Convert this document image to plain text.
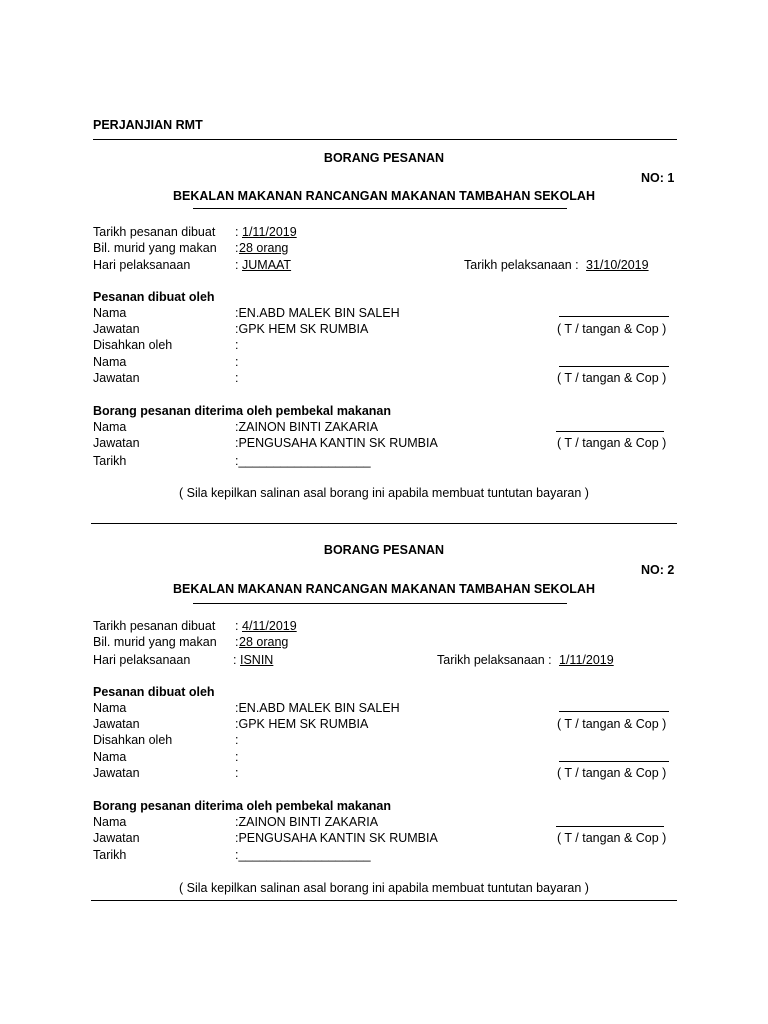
PERJANJIAN RMT
BORANG PESANAN
NO: 1
BEKALAN MAKANAN RANCANGAN MAKANAN TAMBAHAN SEKOLAH
Tarikh pesanan dibuat : 1/11/2019
Bil. murid yang makan : 28 orang
Hari pelaksanaan	: JUMAAT	Tarikh pelaksanaan : 31/10/2019
Pesanan dibuat oleh
Nama	:EN.ABD MALEK BIN SALEH
Jawatan	:GPK HEM SK RUMBIA	( T / tangan & Cop )
Disahkan oleh	:
Nama	:
Jawatan	:	( T / tangan & Cop )
Borang pesanan diterima oleh pembekal makanan
Nama	:ZAINON BINTI ZAKARIA
Jawatan	:PENGUSAHA KANTIN SK RUMBIA	( T / tangan & Cop )
Tarikh	:___________________
( Sila kepilkan salinan asal borang ini apabila membuat tuntutan bayaran )
BORANG PESANAN
NO: 2
BEKALAN MAKANAN RANCANGAN MAKANAN TAMBAHAN SEKOLAH
Tarikh pesanan dibuat : 4/11/2019
Bil. murid yang makan : 28 orang
Hari pelaksanaan	: ISNIN	Tarikh pelaksanaan : 1/11/2019
Pesanan dibuat oleh
Nama	:EN.ABD MALEK BIN SALEH
Jawatan	:GPK HEM SK RUMBIA	( T / tangan & Cop )
Disahkan oleh	:
Nama	:
Jawatan	:	( T / tangan & Cop )
Borang pesanan diterima oleh pembekal makanan
Nama	:ZAINON BINTI ZAKARIA
Jawatan	:PENGUSAHA KANTIN SK RUMBIA	( T / tangan & Cop )
Tarikh	:___________________
( Sila kepilkan salinan asal borang ini apabila membuat tuntutan bayaran )
